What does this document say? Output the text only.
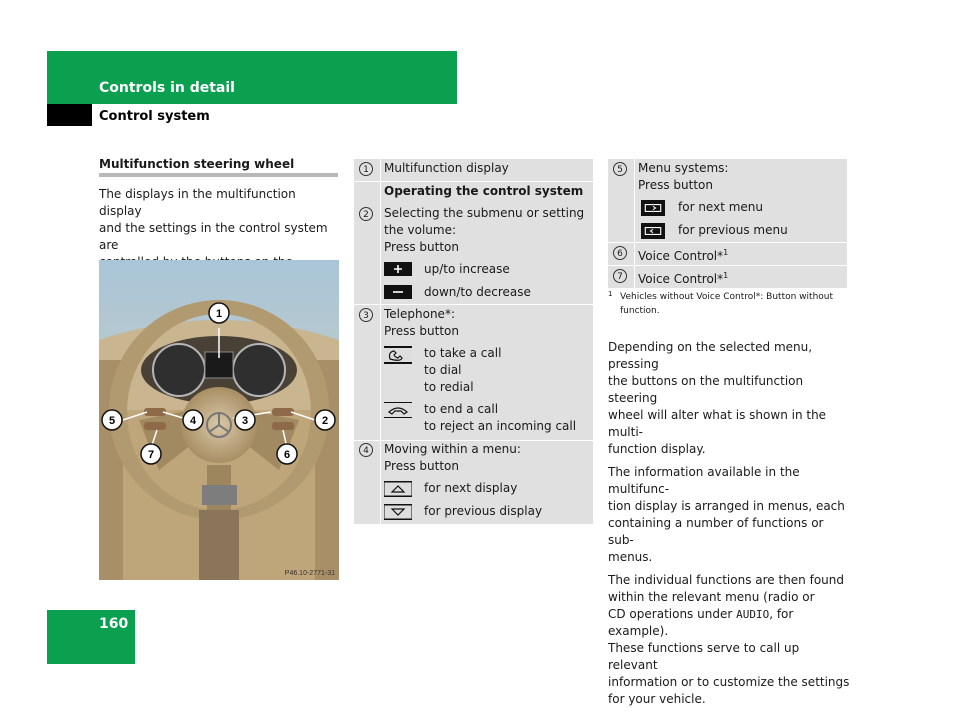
Controls in detail
Control system
Multifunction steering wheel
The displays in the multifunction display
and the settings in the control system are
1
2
3
4
5
6
7
P46.10-2771-31
1	Multifunction display
Operating the control system
2	Selecting the submenu or setting
the volume:
Press button
up/to increase
down/to decrease
3	Telephone*:
Press button
to take a call
to dial
to redial
to end a call
to reject an incoming call
4	Moving within a menu:
Press button
for next display
for previous display
5	Menu systems:
Press button
for next menu
for previous menu
6	Voice Control*$^1$
7	Voice Control*$^1$
1 Vehicles without Voice Control*: Button without
function.

Depending on the selected menu, pressing
the buttons on the multifunction steering
wheel will alter what is shown in the multi-
function display.

The information available in the multifunc-
tion display is arranged in menus, each
containing a number of functions or sub-
menus.

The individual functions are then found
within the relevant menu (radio or
CD operations under AUDIO, for example).
These functions serve to call up relevant
information or to customize the settings
for your vehicle.

160
